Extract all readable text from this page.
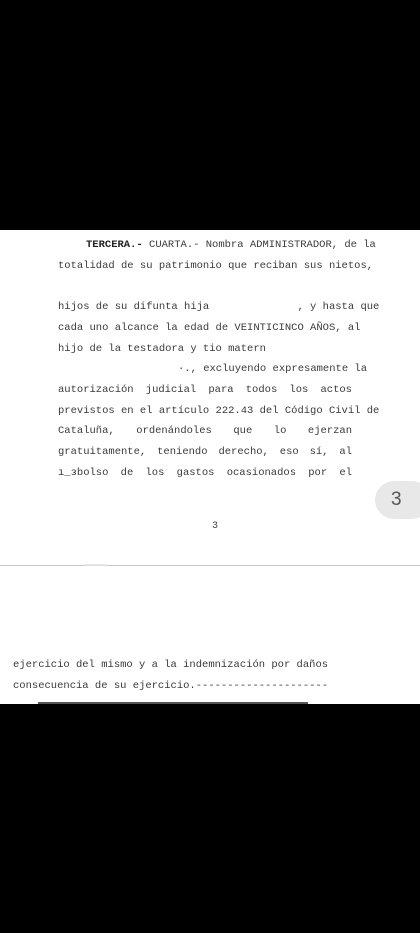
TERCERA.- CUARTA.- Nombra ADMINISTRADOR, de la
totalidad de su patrimonio que reciban sus nietos,
hijos de su difunta hija              , y hasta que
cada uno alcance la edad de VEINTICINCO AÑOS, al
hijo de la testadora y tio matern
·., excluyendo expresamente la
autorización judicial para todos los actos
previstos en el artículo 222.43 del Código Civil de
Cataluña, ordenándoles que lo ejerzan
gratuitamente, teniendo derecho, eso sí, al
ı_ɜbolso de los gastos ocasionados por el
3
3
ejercicio del mismo y a la indemnización por daños
consecuencia de su ejercicio.---------------------
